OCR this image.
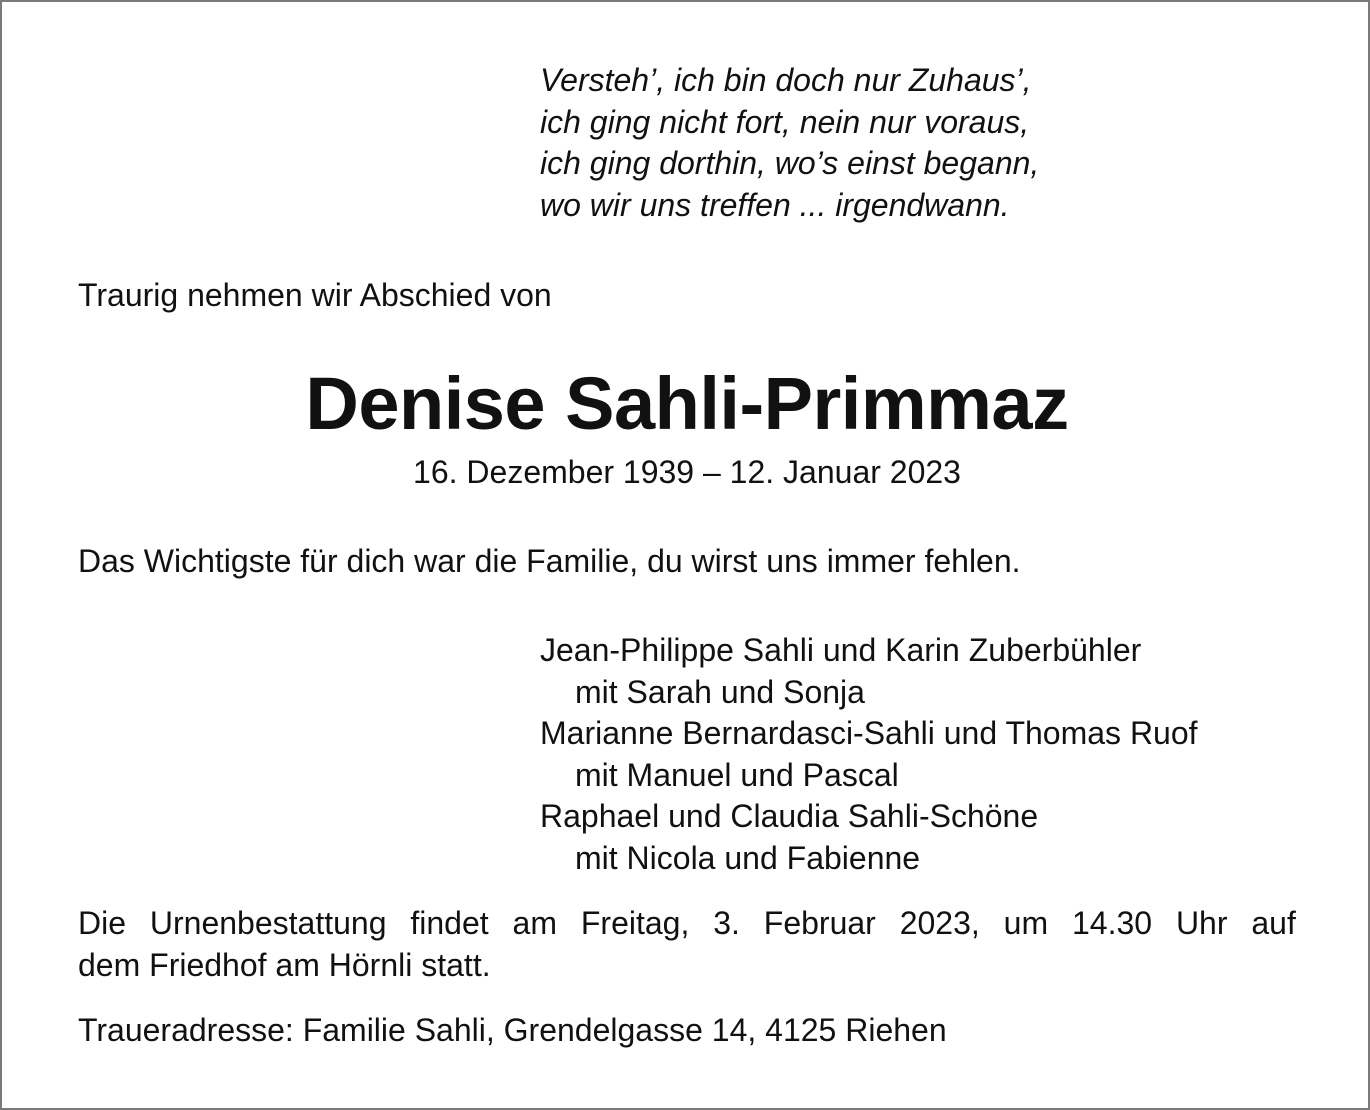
Versteh’, ich bin doch nur Zuhaus’,
ich ging nicht fort, nein nur voraus,
ich ging dorthin, wo’s einst begann,
wo wir uns treffen ... irgendwann.
Traurig nehmen wir Abschied von
Denise Sahli-Primmaz
16. Dezember 1939 – 12. Januar 2023
Das Wichtigste für dich war die Familie, du wirst uns immer fehlen.
Jean-Philippe Sahli und Karin Zuberbühler
mit Sarah und Sonja
Marianne Bernardasci-Sahli und Thomas Ruof
mit Manuel und Pascal
Raphael und Claudia Sahli-Schöne
mit Nicola und Fabienne
Die Urnenbestattung findet am Freitag, 3. Februar 2023, um 14.30 Uhr auf
dem Friedhof am Hörnli statt.
Traueradresse: Familie Sahli, Grendelgasse 14, 4125 Riehen
